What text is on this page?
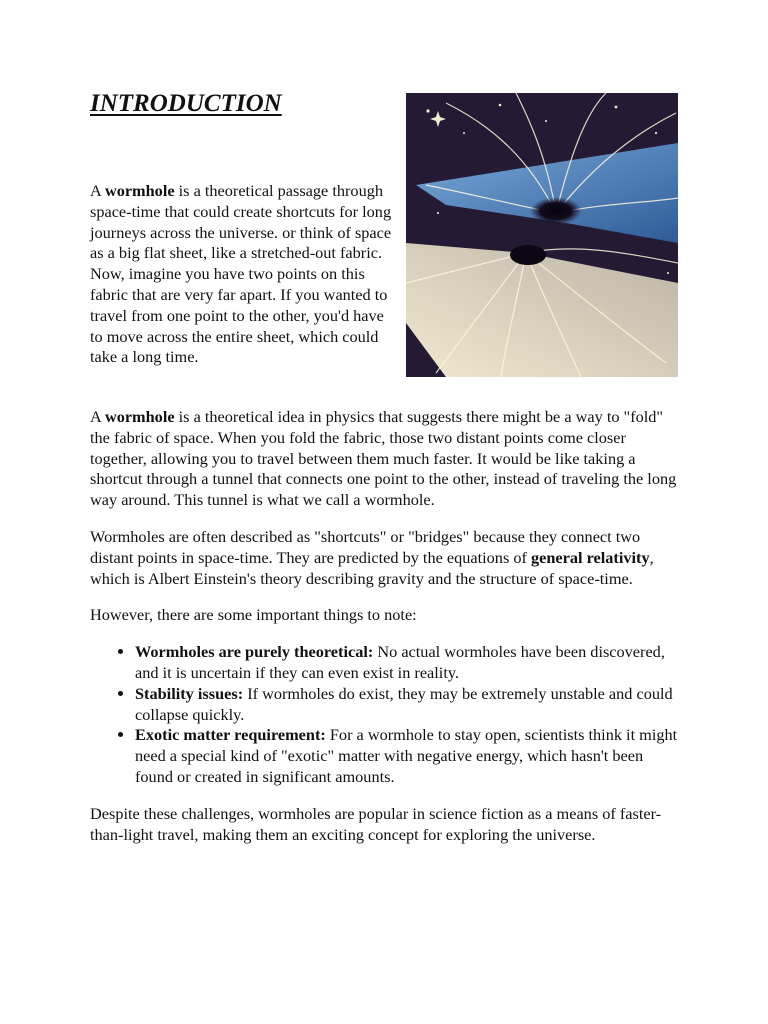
INTRODUCTION

A wormhole is a theoretical passage through space-time that could create shortcuts for long journeys across the universe. or think of space as a big flat sheet, like a stretched-out fabric. Now, imagine you have two points on this fabric that are very far apart. If you wanted to travel from one point to the other, you'd have to move across the entire sheet, which could take a long time.

A wormhole is a theoretical idea in physics that suggests there might be a way to "fold" the fabric of space. When you fold the fabric, those two distant points come closer together, allowing you to travel between them much faster. It would be like taking a shortcut through a tunnel that connects one point to the other, instead of traveling the long way around. This tunnel is what we call a wormhole.

Wormholes are often described as "shortcuts" or "bridges" because they connect two distant points in space-time. They are predicted by the equations of general relativity, which is Albert Einstein's theory describing gravity and the structure of space-time.

However, there are some important things to note:

• Wormholes are purely theoretical: No actual wormholes have been discovered, and it is uncertain if they can even exist in reality.
• Stability issues: If wormholes do exist, they may be extremely unstable and could collapse quickly.
• Exotic matter requirement: For a wormhole to stay open, scientists think it might need a special kind of "exotic" matter with negative energy, which hasn't been found or created in significant amounts.

Despite these challenges, wormholes are popular in science fiction as a means of faster-than-light travel, making them an exciting concept for exploring the universe.
